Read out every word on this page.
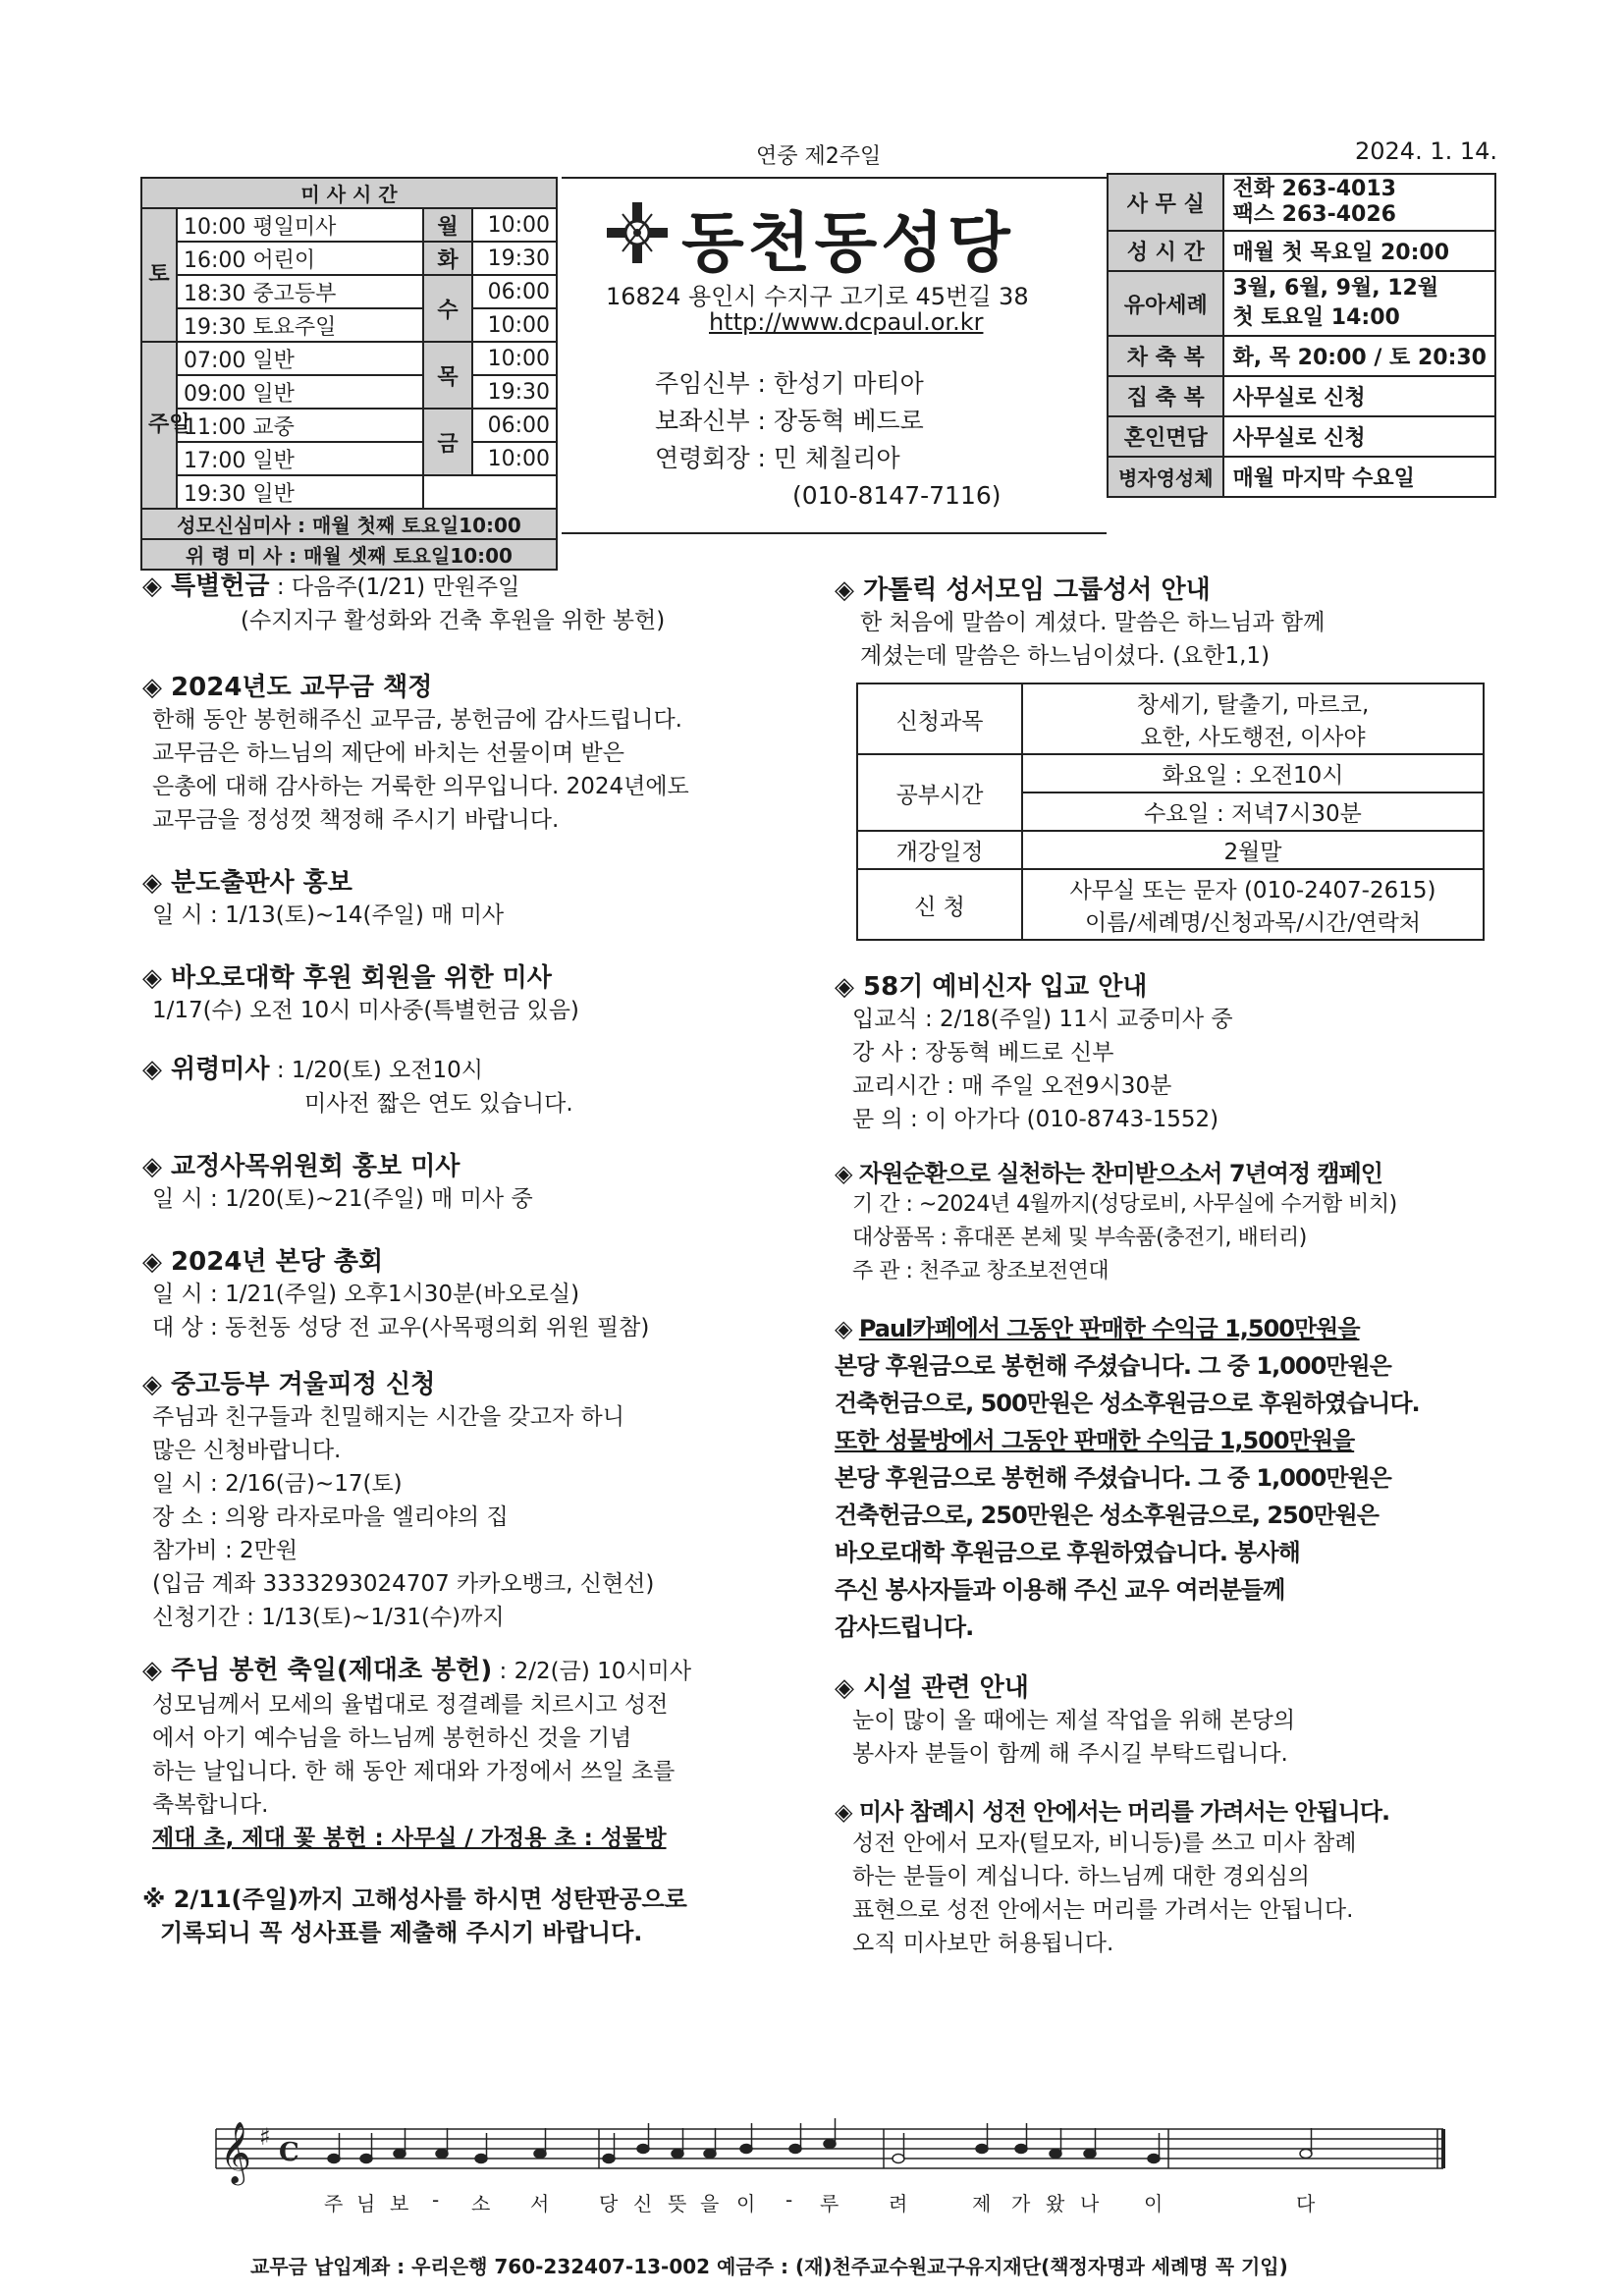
연중 제2주일	2024. 1. 14.
미 사 시 간			
토	10:00 평일미사	월	10:00
	16:00 어린이	화	19:30
	18:30 중고등부	수	06:00
	19:30 토요주일		10:00
주일	07:00 일반	목	10:00
	09:00 일반		19:30
	11:00 교중	금	06:00
	17:00 일반		10:00
	19:30 일반		
성모신심미사 : 매월 첫째 토요일10:00			
위 령 미 사 : 매월 셋째 토요일10:00			
동천동성당
16824 용인시 수지구 고기로 45번길 38
http://www.dcpaul.or.kr
주임신부 : 한성기 마티아
보좌신부 : 장동혁 베드로
연령회장 : 민 체칠리아
(010-8147-7116)
사 무 실	전화 263-4013
팩스 263-4026

성 시 간	매월 첫 목요일 20:00
유아세례	3월, 6월, 9월, 12월
첫 토요일 14:00

차 축 복	화, 목 20:00 / 토 20:30
집 축 복	사무실로 신청
혼인면담	사무실로 신청
병자영성체	매월 마지막 수요일
◈ 특별헌금 : 다음주(1/21) 만원주일
(수지지구 활성화와 건축 후원을 위한 봉헌)
◈ 2024년도 교무금 책정
한해 동안 봉헌해주신 교무금, 봉헌금에 감사드립니다.
교무금은 하느님의 제단에 바치는 선물이며 받은
은총에 대해 감사하는 거룩한 의무입니다. 2024년에도
교무금을 정성껏 책정해 주시기 바랍니다.
◈ 분도출판사 홍보
일 시 : 1/13(토)~14(주일) 매 미사
◈ 바오로대학 후원 회원을 위한 미사
1/17(수) 오전 10시 미사중(특별헌금 있음)
◈ 위령미사 : 1/20(토) 오전10시
미사전 짧은 연도 있습니다.
◈ 교정사목위원회 홍보 미사
일 시 : 1/20(토)~21(주일) 매 미사 중
◈ 2024년 본당 총회
일 시 : 1/21(주일) 오후1시30분(바오로실)
대 상 : 동천동 성당 전 교우(사목평의회 위원 필참)
◈ 중고등부 겨울피정 신청
주님과 친구들과 친밀해지는 시간을 갖고자 하니
많은 신청바랍니다.
일 시 : 2/16(금)~17(토)
장 소 : 의왕 라자로마을 엘리야의 집
참가비 : 2만원
(입금 계좌 3333293024707 카카오뱅크, 신현선)
신청기간 : 1/13(토)~1/31(수)까지
◈ 주님 봉헌 축일(제대초 봉헌) : 2/2(금) 10시미사
성모님께서 모세의 율법대로 정결례를 치르시고 성전
에서 아기 예수님을 하느님께 봉헌하신 것을 기념
하는 날입니다. 한 해 동안 제대와 가정에서 쓰일 초를
축복합니다.
제대 초, 제대 꽃 봉헌 : 사무실 / 가정용 초 : 성물방
※ 2/11(주일)까지 고해성사를 하시면 성탄판공으로
기록되니 꼭 성사표를 제출해 주시기 바랍니다.
◈ 가톨릭 성서모임 그룹성서 안내
한 처음에 말씀이 계셨다. 말씀은 하느님과 함께
계셨는데 말씀은 하느님이셨다. (요한1,1)
신청과목	창세기, 탈출기, 마르코,
요한, 사도행전, 이사야

공부시간	화요일 : 오전10시
	수요일 : 저녁7시30분
개강일정	2월말
신 청	사무실 또는 문자 (010-2407-2615)
이름/세례명/신청과목/시간/연락처
◈ 58기 예비신자 입교 안내
입교식 : 2/18(주일) 11시 교중미사 중
강 사 : 장동혁 베드로 신부
교리시간 : 매 주일 오전9시30분
문 의 : 이 아가다 (010-8743-1552)
◈ 자원순환으로 실천하는 찬미받으소서 7년여정 캠페인
기 간 : ~2024년 4월까지(성당로비, 사무실에 수거함 비치)
대상품목 : 휴대폰 본체 및 부속품(충전기, 배터리)
주 관 : 천주교 창조보전연대
◈ Paul카페에서 그동안 판매한 수익금 1,500만원을
본당 후원금으로 봉헌해 주셨습니다. 그 중 1,000만원은
건축헌금으로, 500만원은 성소후원금으로 후원하였습니다.
또한 성물방에서 그동안 판매한 수익금 1,500만원을
본당 후원금으로 봉헌해 주셨습니다. 그 중 1,000만원은
건축헌금으로, 250만원은 성소후원금으로, 250만원은
바오로대학 후원금으로 후원하였습니다. 봉사해
주신 봉사자들과 이용해 주신 교우 여러분들께
감사드립니다.
◈ 시설 관련 안내
눈이 많이 올 때에는 제설 작업을 위해 본당의
봉사자 분들이 함께 해 주시길 부탁드립니다.
◈ 미사 참례시 성전 안에서는 머리를 가려서는 안됩니다.
성전 안에서 모자(털모자, 비니등)를 쓰고 미사 참례
하는 분들이 계십니다. 하느님께 대한 경외심의
표현으로 성전 안에서는 머리를 가려서는 안됩니다.
오직 미사보만 허용됩니다.
𝄞 ♯
C
주 님 보 - 소 서	당 신 뜻 을 이 - 루	려	제 가 왔 나 이	다
교무금 납입계좌 : 우리은행 760-232407-13-002 예금주 : (재)천주교수원교구유지재단(책정자명과 세례명 꼭 기입)
